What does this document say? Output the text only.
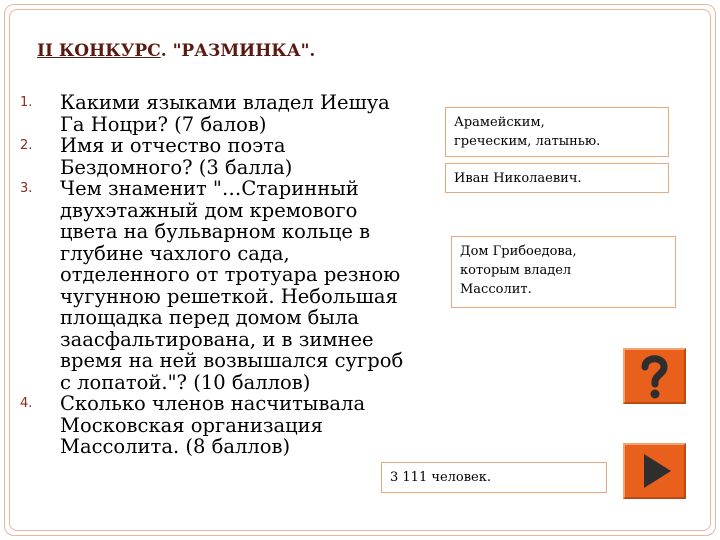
II КОНКУРС. "РАЗМИНКА".
1. Какими языками владел Иешуа
Га Ноцри? (7 балов)
2. Имя и отчество поэта
Бездомного? (3 балла)
3. Чем знаменит "…Старинный
двухэтажный дом кремового
цвета на бульварном кольце в
глубине чахлого сада,
отделенного от тротуара резною
чугунною решеткой. Небольшая
площадка перед домом была
заасфальтирована, и в зимнее
время на ней возвышался сугроб
с лопатой."? (10 баллов)
4. Сколько членов насчитывала
Московская организация
Массолита. (8 баллов)
Арамейским,
греческим, латынью.
Иван Николаевич.
Дом Грибоедова,
которым владел
Массолит.
3 111 человек.
